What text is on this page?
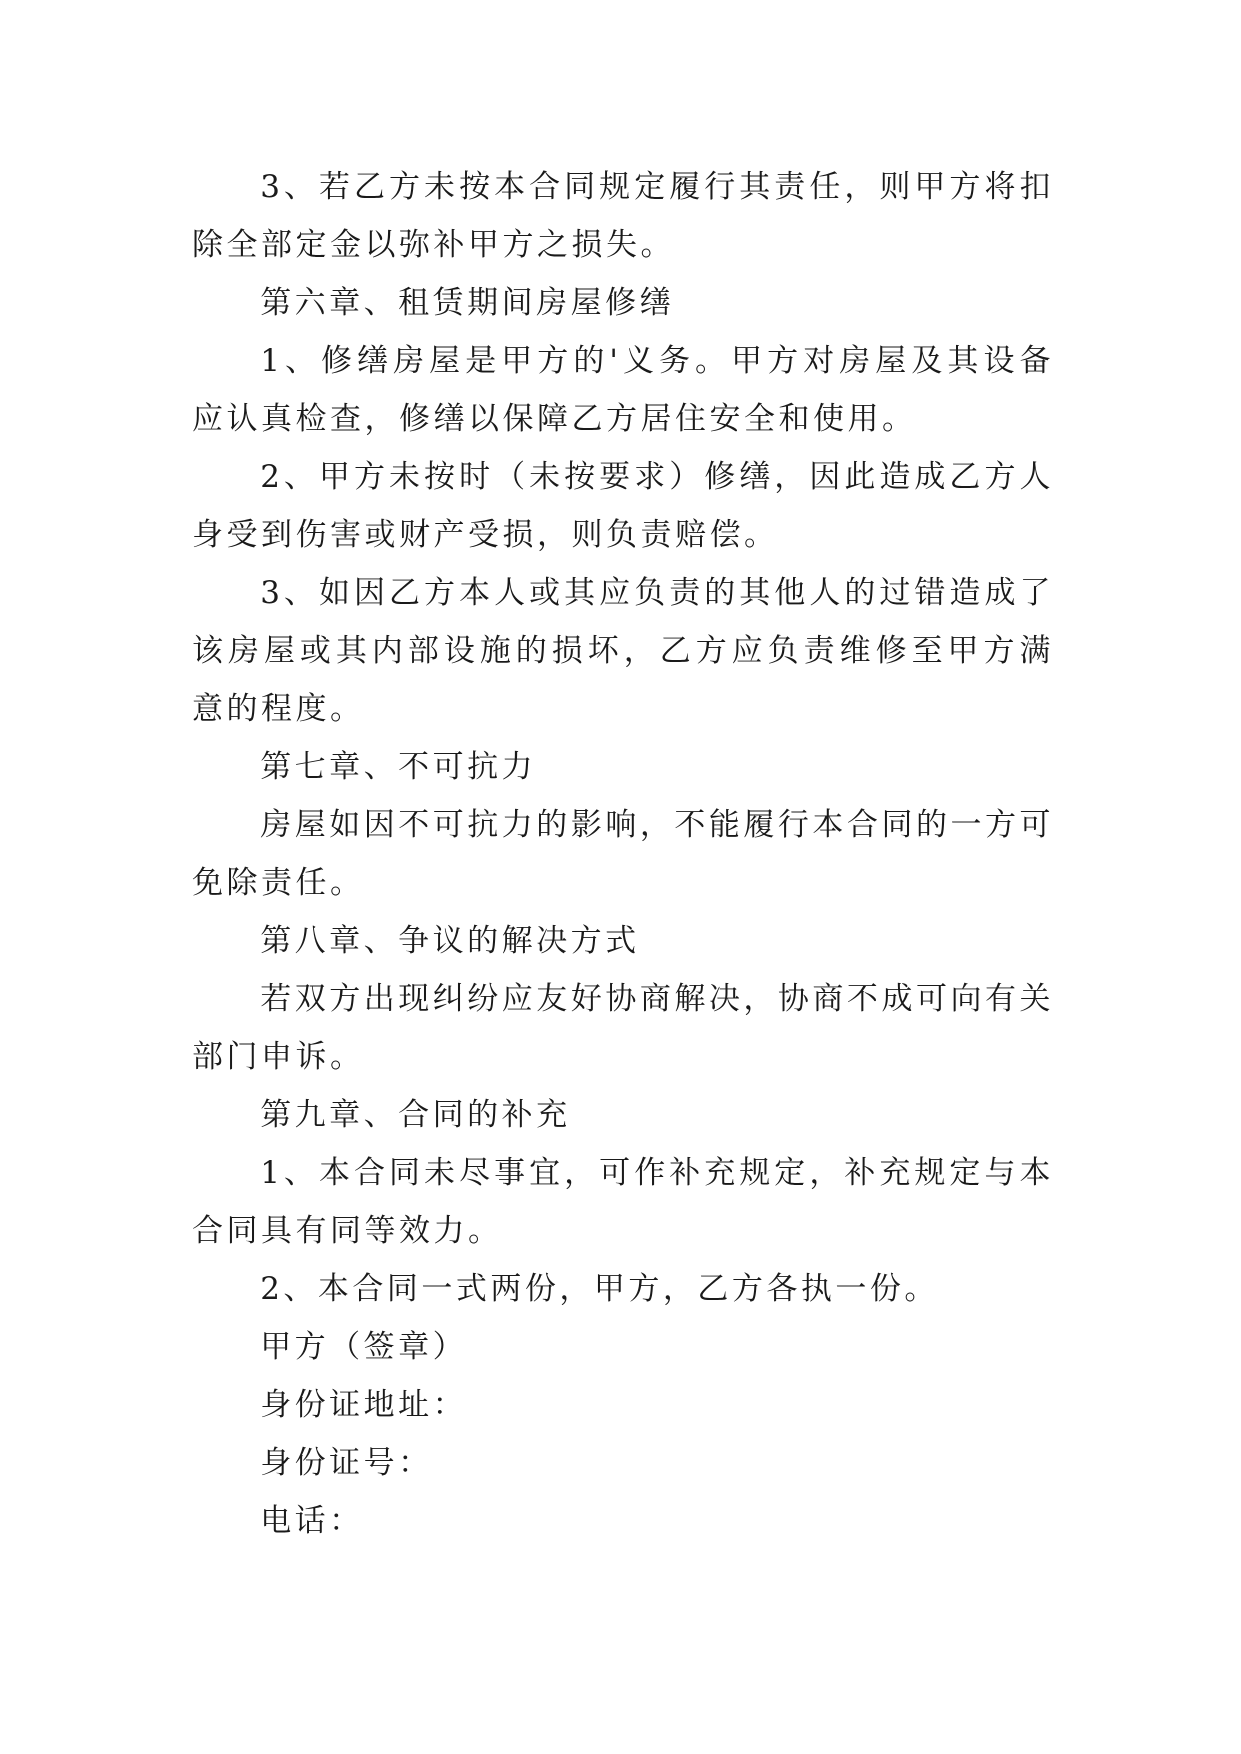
3、若乙方未按本合同规定履行其责任，则甲方将扣除全部定金以弥补甲方之损失。

第六章、租赁期间房屋修缮

1、修缮房屋是甲方的'义务。甲方对房屋及其设备应认真检查，修缮以保障乙方居住安全和使用。

2、甲方未按时（未按要求）修缮，因此造成乙方人身受到伤害或财产受损，则负责赔偿。

3、如因乙方本人或其应负责的其他人的过错造成了该房屋或其内部设施的损坏，乙方应负责维修至甲方满意的程度。

第七章、不可抗力

房屋如因不可抗力的影响，不能履行本合同的一方可免除责任。

第八章、争议的解决方式

若双方出现纠纷应友好协商解决，协商不成可向有关部门申诉。

第九章、合同的补充

1、本合同未尽事宜，可作补充规定，补充规定与本合同具有同等效力。

2、本合同一式两份，甲方，乙方各执一份。

甲方（签章）

身份证地址：

身份证号：

电话：
